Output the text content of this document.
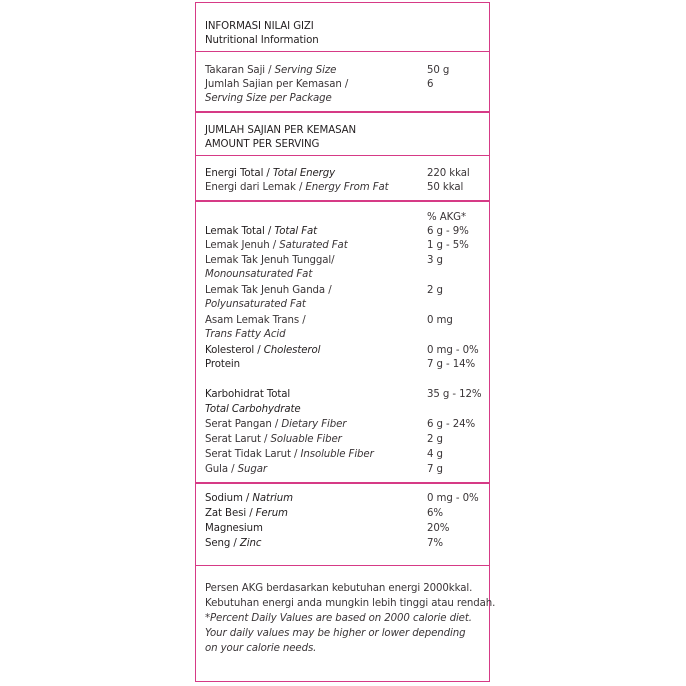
INFORMASI NILAI GIZI
Nutritional Information
Takaran Saji / Serving Size	50 g
Jumlah Sajian per Kemasan /	6
Serving Size per Package
JUMLAH SAJIAN PER KEMASAN
AMOUNT PER SERVING
Energi Total / Total Energy	220 kkal
Energi dari Lemak / Energy From Fat	50 kkal
% AKG*
Lemak Total / Total Fat	6 g - 9%
Lemak Jenuh / Saturated Fat	1 g - 5%
Lemak Tak Jenuh Tunggal/	3 g
Monounsaturated Fat
Lemak Tak Jenuh Ganda /	2 g
Polyunsaturated Fat
Asam Lemak Trans /	0 mg
Trans Fatty Acid
Kolesterol / Cholesterol	0 mg - 0%
Protein	7 g - 14%
Karbohidrat Total	35 g - 12%
Total Carbohydrate
Serat Pangan / Dietary Fiber	6 g - 24%
Serat Larut / Soluable Fiber	2 g
Serat Tidak Larut / Insoluble Fiber	4 g
Gula / Sugar	7 g
Sodium / Natrium	0 mg - 0%
Zat Besi / Ferum	6%
Magnesium	20%
Seng / Zinc	7%
Persen AKG berdasarkan kebutuhan energi 2000kkal.
Kebutuhan energi anda mungkin lebih tinggi atau rendah.
*Percent Daily Values are based on 2000 calorie diet.
Your daily values may be higher or lower depending
on your calorie needs.
